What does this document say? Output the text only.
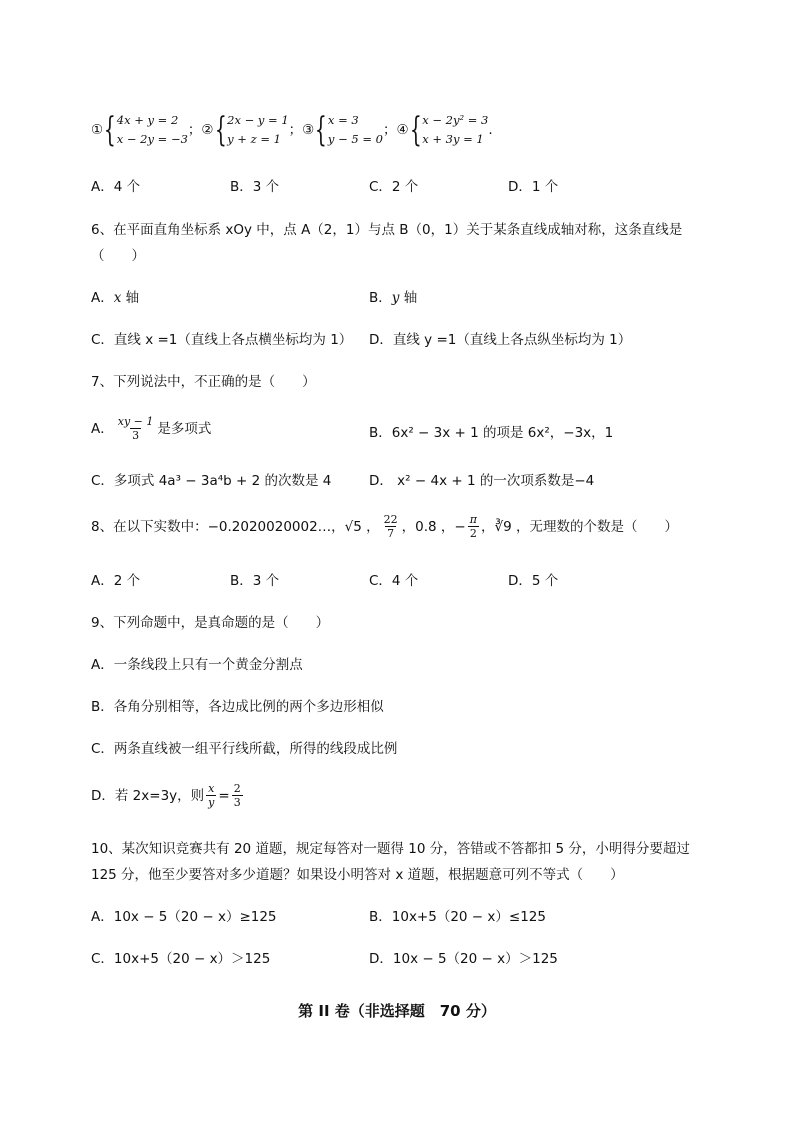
① { 4x + y = 2
x − 2y = −3
； ② { 2x − y = 1
y + z = 1
； ③ { x = 3
y − 5 = 0
； ④ { x − 2y² = 3
x + 3y = 1
.
A．4 个	B．3 个	C．2 个	D．1 个
6、在平面直角坐标系 xOy 中，点 A（2，1）与点 B（0，1）关于某条直线成轴对称，这条直线是
（　　）
A．x 轴	B．y 轴
C．直线 x =1（直线上各点横坐标均为 1） D．直线 y =1（直线上各点纵坐标均为 1）
7、下列说法中，不正确的是（　　）
A． $\frac{xy - 1}{3}$ 是多项式	B．6x² − 3x + 1 的项是 6x²，−3x，1
C．多项式 4a³ − 3a⁴b + 2 的次数是 4	D． x² − 4x + 1 的一次项系数是−4
8、在以下实数中：−0.2020020002…，√5 ， $\frac{22}{7}$ ，0.8̇ ，− $\frac{\pi}{2}$ ，∛9 ，无理数的个数是（　　）
A．2 个	B．3 个	C．4 个	D．5 个
9、下列命题中，是真命题的是（　　）
A．一条线段上只有一个黄金分割点
B．各角分别相等，各边成比例的两个多边形相似
C．两条直线被一组平行线所截，所得的线段成比例
D．若 2x=3y，则 $\frac{x}{y} = \frac{2}{3}$
10、某次知识竞赛共有 20 道题，规定每答对一题得 10 分，答错或不答都扣 5 分，小明得分要超过
125 分，他至少要答对多少道题？如果设小明答对 x 道题，根据题意可列不等式（　　）
A．10x − 5（20 − x）≥125	B．10x+5（20 − x）≤125
C．10x+5（20 − x）＞125	D．10x − 5（20 − x）＞125
第 II 卷（非选择题　70 分）
